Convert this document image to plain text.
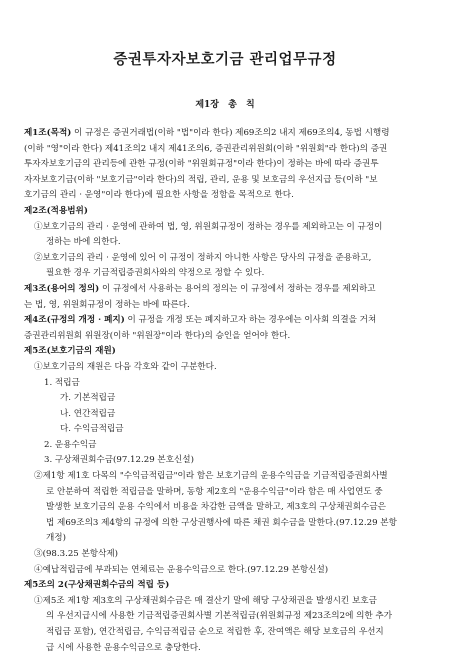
증권투자자보호기금 관리업무규정
제1장 총 칙

제1조(목적) 이 규정은 증권거래법(이하 "법"이라 한다) 제69조의2 내지 제69조의4, 동법 시행령

(이하 "영"이라 한다) 제41조의2 내지 제41조의6, 증권관리위원회(이하 "위원회"라 한다)의 증권

투자자보호기금의 관리등에 관한 규정(이하 "위원회규정"이라 한다)이 정하는 바에 따라 증권투

자자보호기금(이하 "보호기금"이라 한다)의 적립, 관리, 운용 및 보호금의 우선지급 등(이하 "보

호기금의 관리 · 운영"이라 한다)에 필요한 사항을 정함을 목적으로 한다.

제2조(적용범위)

①보호기금의 관리 · 운영에 관하여 법, 영, 위원회규정이 정하는 경우를 제외하고는 이 규정이

정하는 바에 의한다.

②보호기금의 관리 · 운영에 있어 이 규정이 정하지 아니한 사항은 당사의 규정을 준용하고,

필요한 경우 기금적립증권회사와의 약정으로 정할 수 있다.

제3조(용어의 정의) 이 규정에서 사용하는 용어의 정의는 이 규정에서 정하는 경우를 제외하고

는 법, 영, 위원회규정이 정하는 바에 따른다.

제4조(규정의 개정 · 폐지) 이 규정을 개정 또는 폐지하고자 하는 경우에는 이사회 의결을 거쳐

증권관리위원회 위원장(이하 "위원장"이라 한다)의 승인을 얻어야 한다.

제5조(보호기금의 재원)

①보호기금의 재원은 다음 각호와 같이 구분한다.

1. 적립금

가. 기본적립금

나. 연간적립금

다. 수익금적립금

2. 운용수익금

3. 구상채권회수금(97.12.29 본호신설)

②제1항 제1호 다목의 "수익금적립금"이라 함은 보호기금의 운용수익금을 기금적립증권회사별

로 안분하여 적립한 적립금을 말하며, 동항 제2호의 "운용수익금"이라 함은 매 사업연도 중

발생한 보호기금의 운용 수익에서 비용을 차감한 금액을 말하고, 제3호의 구상채권회수금은

법 제69조의3 제4항의 규정에 의한 구상권행사에 따른 채권 회수금을 말한다.(97.12.29 본항

개정)

③(98.3.25 본항삭제)

④예납적립금에 부과되는 연체료는 운용수익금으로 한다.(97.12.29 본항신설)

제5조의 2(구상채권회수금의 적립 등)

①제5조 제1항 제3호의 구상채권회수금은 매 결산기 말에 해당 구상채권을 발생시킨 보호금

의 우선지급시에 사용한 기금적립증권회사별 기본적립금(위원회규정 제23조의2에 의한 추가

적립금 포함), 연간적립금, 수익금적립금 순으로 적립한 후, 잔여액은 해당 보호금의 우선지

급 시에 사용한 운용수익금으로 충당한다.
